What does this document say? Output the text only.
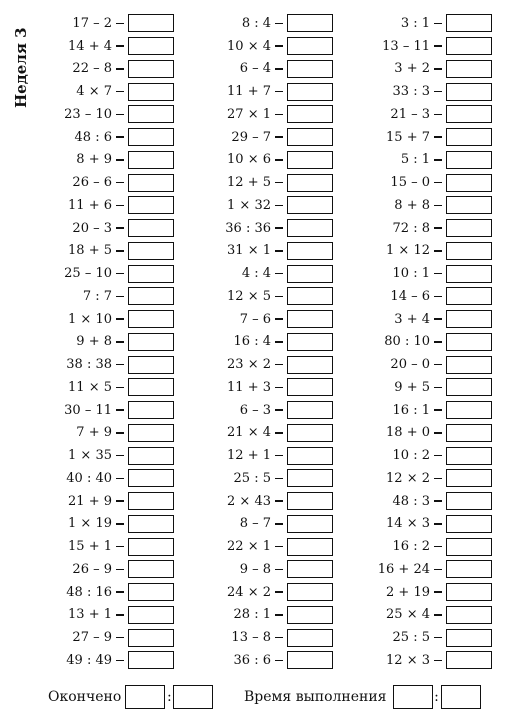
Неделя 3
17 – 2
14 + 4
22 – 8
4 × 7
23 – 10
48 : 6
8 + 9
26 – 6
11 + 6
20 – 3
18 + 5
25 – 10
7 : 7
1 × 10
9 + 8
38 : 38
11 × 5
30 – 11
7 + 9
1 × 35
40 : 40
21 + 9
1 × 19
15 + 1
26 – 9
48 : 16
13 + 1
27 – 9
49 : 49
8 : 4
10 × 4
6 – 4
11 + 7
27 × 1
29 – 7
10 × 6
12 + 5
1 × 32
36 : 36
31 × 1
4 : 4
12 × 5
7 – 6
16 : 4
23 × 2
11 + 3
6 – 3
21 × 4
12 + 1
25 : 5
2 × 43
8 – 7
22 × 1
9 – 8
24 × 2
28 : 1
13 – 8
36 : 6
3 : 1
13 – 11
3 + 2
33 : 3
21 – 3
15 + 7
5 : 1
15 – 0
8 + 8
72 : 8
1 × 12
10 : 1
14 – 6
3 + 4
80 : 10
20 – 0
9 + 5
16 : 1
18 + 0
10 : 2
12 × 2
48 : 3
14 × 3
16 : 2
16 + 24
2 + 19
25 × 4
25 : 5
12 × 3
Окончено	:	Время выполнения	:
